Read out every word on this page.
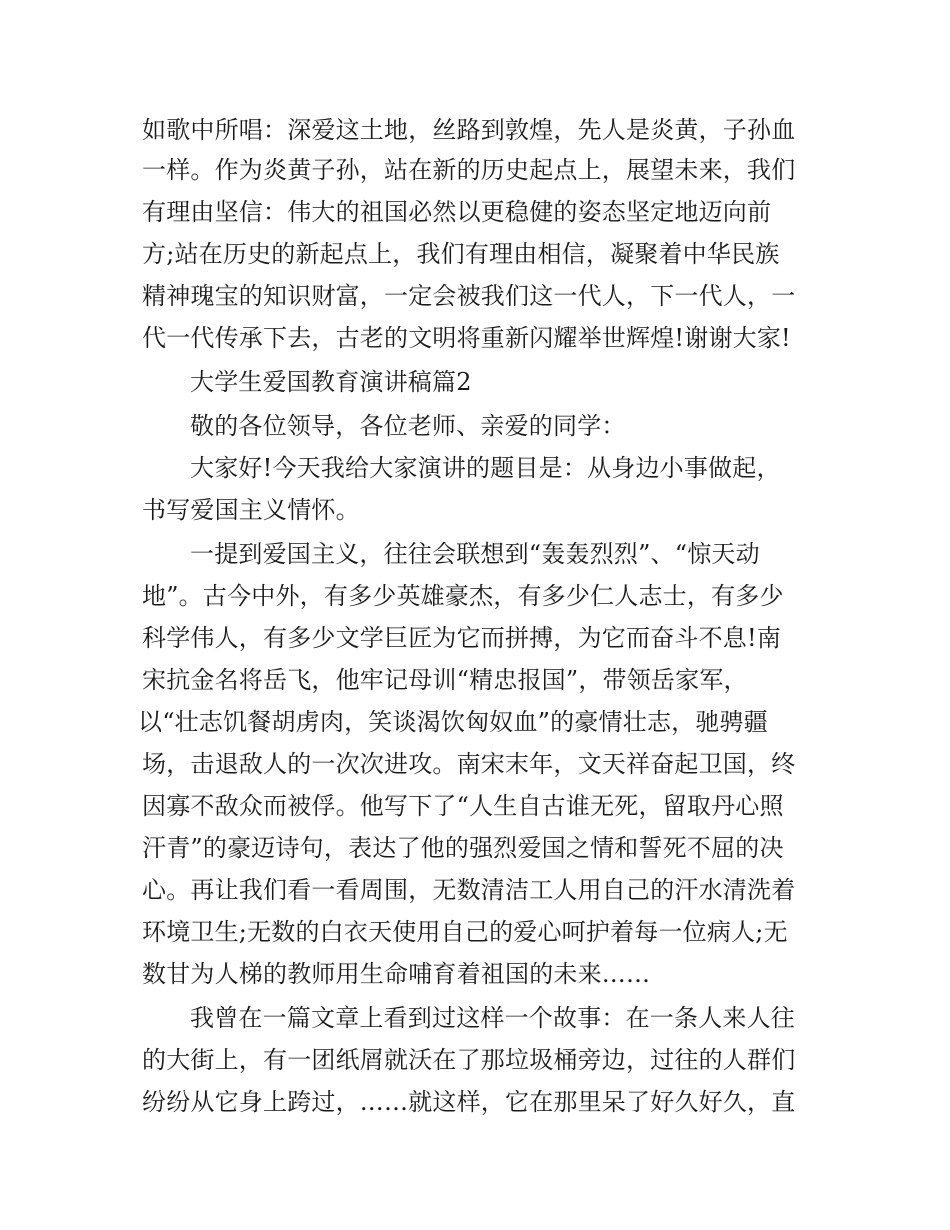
如歌中所唱：深爱这土地，丝路到敦煌，先人是炎黄，子孙血
一样。作为炎黄子孙，站在新的历史起点上，展望未来，我们
有理由坚信：伟大的祖国必然以更稳健的姿态坚定地迈向前
方;站在历史的新起点上，我们有理由相信，凝聚着中华民族
精神瑰宝的知识财富，一定会被我们这一代人，下一代人，一
代一代传承下去，古老的文明将重新闪耀举世辉煌!谢谢大家!
大学生爱国教育演讲稿篇2
敬的各位领导，各位老师、亲爱的同学：
大家好!今天我给大家演讲的题目是：从身边小事做起，
书写爱国主义情怀。
一提到爱国主义，往往会联想到“轰轰烈烈”、“惊天动
地”。古今中外，有多少英雄豪杰，有多少仁人志士，有多少
科学伟人，有多少文学巨匠为它而拼搏，为它而奋斗不息!南
宋抗金名将岳飞，他牢记母训“精忠报国”，带领岳家军，
以“壮志饥餐胡虏肉，笑谈渴饮匈奴血”的豪情壮志，驰骋疆
场，击退敌人的一次次进攻。南宋末年，文天祥奋起卫国，终
因寡不敌众而被俘。他写下了“人生自古谁无死，留取丹心照
汗青”的豪迈诗句，表达了他的强烈爱国之情和誓死不屈的决
心。再让我们看一看周围，无数清洁工人用自己的汗水清洗着
环境卫生;无数的白衣天使用自己的爱心呵护着每一位病人;无
数甘为人梯的教师用生命哺育着祖国的未来……
我曾在一篇文章上看到过这样一个故事：在一条人来人往
的大街上，有一团纸屑就沃在了那垃圾桶旁边，过往的人群们
纷纷从它身上跨过，……就这样，它在那里呆了好久好久，直
